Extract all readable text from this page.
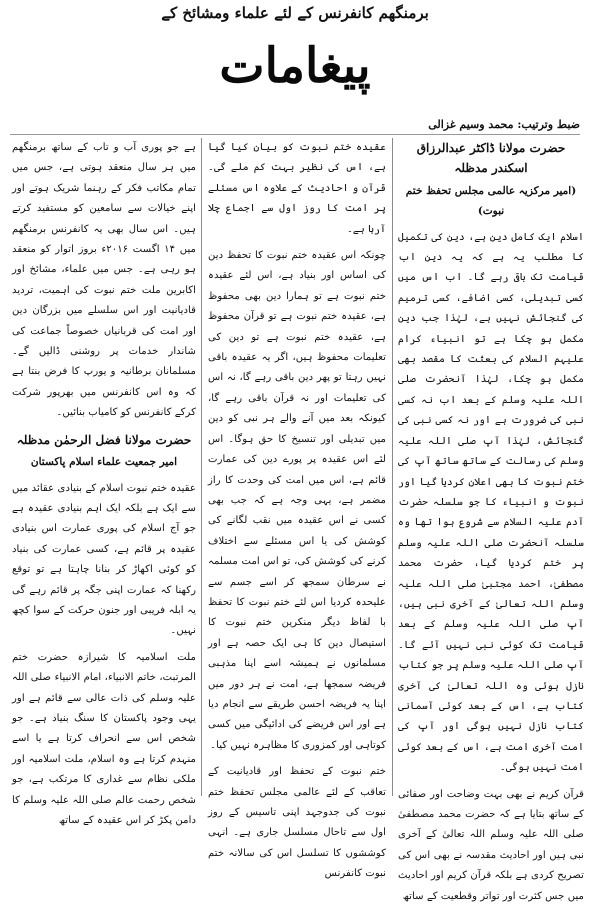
برمنگھم کانفرنس کے لئے علماء ومشائخ کے
پیغامات
ضبط وترتیب: محمد وسیم غزالی
حضرت مولانا ڈاکٹر عبدالرزاق اسکندر مدظلہ
(امیر مرکزیہ عالمی مجلس تحفظ ختم نبوت)

اسلام ایک کامل دین ہے، دین کی تکمیل کا مطلب یہ ہے کہ یہ دین اب قیامت تک باقی رہے گا۔ اب اس میں کسی تبدیلی، کسی اضافے، کسی ترمیم کی گنجائش نہیں ہے، لہٰذا جب دین مکمل ہو چکا ہے تو انبیاء کرام علیہم السلام کی بعثت کا مقصد بھی مکمل ہو چکا، لہٰذا آنحضرت صلی اللہ علیہ وسلم کے بعد اب نہ کسی نبی کی ضرورت ہے اور نہ کسی نبی کی گنجائش، لہٰذا آپ صلی اللہ علیہ وسلم کی رسالت کے ساتھ ساتھ آپ کی ختم نبوت کا بھی اعلان کردیا گیا اور نبوت و انبیاء کا جو سلسلہ حضرت آدم علیہ السلام سے شروع ہوا تھا وہ سلسلہ آنحضرت صلی اللہ علیہ وسلم پر ختم کردیا گیا، حضرت محمد مصطفیٰ، احمد مجتبیٰ صلی اللہ علیہ وسلم اللہ تعالیٰ کے آخری نبی ہیں، آپ صلی اللہ علیہ وسلم کے بعد قیامت تک کوئی نبی نہیں آئے گا۔ آپ صلی اللہ علیہ وسلم پر جو کتاب نازل ہوئی وہ اللہ تعالیٰ کی آخری کتاب ہے، اس کے بعد کوئی آسمانی کتاب نازل نہیں ہوگی اور آپ کی امت آخری امت ہے، اس کے بعد کوئی امت نہیں ہوگی۔

قرآن کریم نے بھی بہت وضاحت اور صفائی کے ساتھ بتایا ہے کہ حضرت محمد مصطفیٰ صلی اللہ علیہ وسلم اللہ تعالیٰ کے آخری نبی ہیں اور احادیث مقدسہ نے بھی اس کی تصریح کردی ہے بلکہ قرآن کریم اور احادیث میں جس کثرت اور تواتر وقطعیت کے ساتھ

عقیدہ ختم نبوت کو بیان کیا گیا ہے، اس کی نظیر بہت کم ملے گی۔ قرآن و احادیث کے علاوہ اس مسئلے پر امت کا روز اول سے اجماع چلا آرہا ہے۔

چونکہ اس عقیدہ ختم نبوت کا تحفظ دین کی اساس اور بنیاد ہے، اس لئے عقیدہ ختم نبوت ہے تو ہمارا دین بھی محفوظ ہے، عقیدہ ختم نبوت ہے تو قرآن محفوظ ہے، عقیدہ ختم نبوت ہے تو دین کی تعلیمات محفوظ ہیں، اگر یہ عقیدہ باقی نہیں رہتا تو پھر دین باقی رہے گا، نہ اس کی تعلیمات اور نہ قرآن باقی رہے گا، کیونکہ بعد میں آنے والے ہر نبی کو دین میں تبدیلی اور تنسیخ کا حق ہوگا۔ اس لئے اس عقیدہ پر پورے دین کی عمارت قائم ہے، اس میں امت کی وحدت کا راز مضمر ہے، یہی وجہ ہے کہ جب بھی کسی نے اس عقیدہ میں نقب لگانے کی کوشش کی یا اس مسئلے سے اختلاف کرنے کی کوشش کی، تو اس امت مسلمہ نے سرطان سمجھ کر اسے جسم سے علیحدہ کردیا اس لئے ختم نبوت کا تحفظ با لفاظ دیگر منکرین ختم نبوت کا استیصال دین کا ہی ایک حصہ ہے اور مسلمانوں نے ہمیشہ اسے اپنا مذہبی فریضہ سمجھا ہے، امت نے ہر دور میں اپنا یہ فریضہ احسن طریقے سے انجام دیا ہے اور اس فریضے کی ادائیگی میں کسی کوتاہی اور کمزوری کا مظاہرہ نہیں کیا۔

ختم نبوت کے تحفظ اور قادیانیت کے تعاقب کے لئے عالمی مجلس تحفظ ختم نبوت کی جدوجہد اپنی تاسیس کے روز اول سے تاحال مسلسل جاری ہے۔ انہی کوششوں کا تسلسل اس کی سالانہ ختم نبوت کانفرنس

ہے جو پوری آب و تاب کے ساتھ برمنگھم میں ہر سال منعقد ہوتی ہے، جس میں تمام مکاتب فکر کے رہنما شریک ہوتے اور اپنے خیالات سے سامعین کو مستفید کرتے ہیں۔ اس سال بھی یہ کانفرنس برمنگھم میں ۱۴ اگست ۲۰۱۶ء بروز اتوار کو منعقد ہو رہی ہے۔ جس میں علماء، مشائخ اور اکابرین ملت ختم نبوت کی اہمیت، تردید قادیانیت اور اس سلسلے میں بزرگان دین اور امت کی قربانیاں خصوصاً جماعت کی شاندار خدمات پر روشنی ڈالیں گے۔ مسلمانان برطانیہ و یورپ کا فرض بنتا ہے کہ وہ اس کانفرنس میں بھرپور شرکت کرکے کانفرنس کو کامیاب بنائیں۔

حضرت مولانا فضل الرحمٰن مدظلہ
امیر جمعیت علماء اسلام پاکستان

عقیدہ ختم نبوت اسلام کے بنیادی عقائد میں سے ایک ہے بلکہ ایک اہم بنیادی عقیدہ ہے جو آج اسلام کی پوری عمارت اس بنیادی عقیدہ پر قائم ہے، کسی عمارت کی بنیاد کو کوئی اکھاڑ کر بنانا چاہتا ہے تو توقع رکھنا کہ عمارت اپنی جگہ پر قائم رہے گی یہ ابلہ فریبی اور جنون حرکت کے سوا کچھ نہیں۔

ملت اسلامیہ کا شیرازہ حضرت ختم المرتبت، خاتم الانبیاء، امام الانبیاء صلی اللہ علیہ وسلم کی ذات عالی سے قائم ہے اور یہی وجود پاکستان کا سنگ بنیاد ہے۔ جو شخص اس سے انحراف کرتا ہے یا اسے منہدم کرتا ہے وہ اسلام، ملت اسلامیہ اور ملکی نظام سے غداری کا مرتکب ہے، جو شخص رحمت عالم صلی اللہ علیہ وسلم کا دامن پکڑ کر اس عقیدہ کے ساتھ
